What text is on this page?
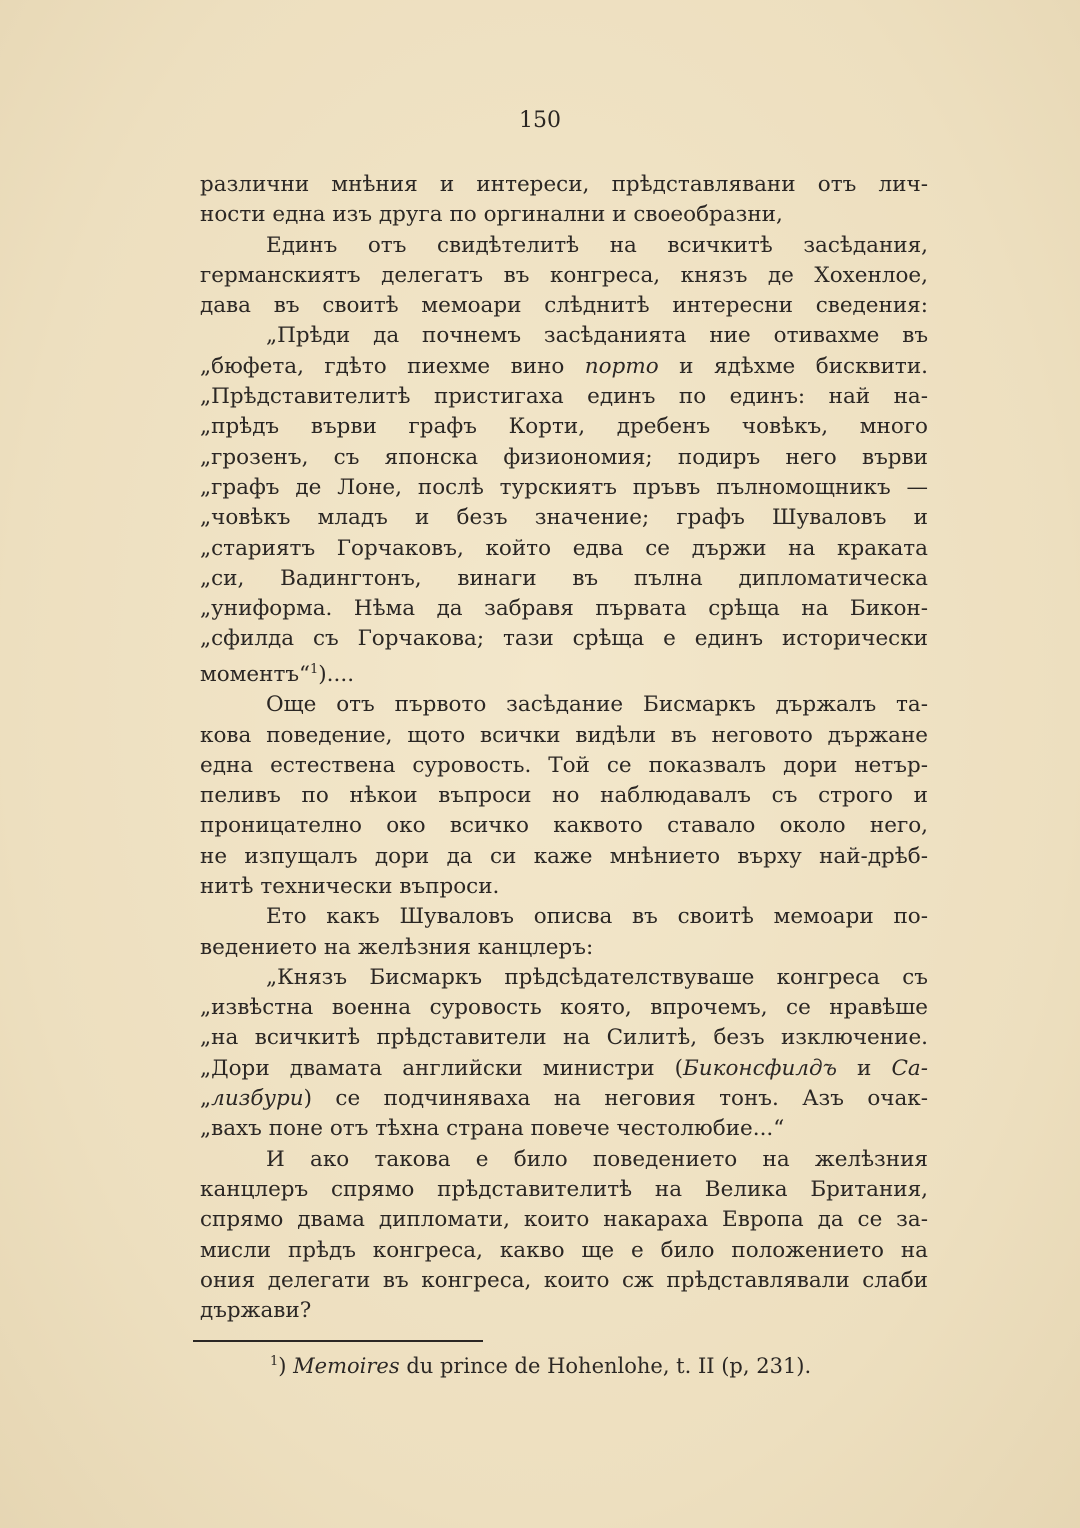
150
различни мнѣния и интереси, прѣдставлявани отъ лич-
ности една изъ друга по оргинални и своеобразни,
Единъ отъ свидѣтелитѣ на всичкитѣ засѣдания,
германскиятъ делегатъ въ конгреса, князъ де Хохенлое,
дава въ своитѣ мемоари слѣднитѣ интересни сведения:
„Прѣди да почнемъ засѣданията ние отивахме въ
„бюфета, гдѣто пиехме вино порто и ядѣхме бисквити.
„Прѣдставителитѣ пристигаха единъ по единъ: най на-
„прѣдъ върви графъ Корти, дребенъ човѣкъ, много
„грозенъ, съ японска физиономия; подиръ него върви
„графъ де Лоне, послѣ турскиятъ пръвъ пълномощникъ —
„човѣкъ младъ и безъ значение; графъ Шуваловъ и
„стариятъ Горчаковъ, който едва се държи на краката
„си, Вадингтонъ, винаги въ пълна дипломатическа
„униформа. Нѣма да забравя първата срѣща на Бикон-
„сфилда съ Горчакова; тази срѣща е единъ исторически
моментъ“$^1$)....
Още отъ първото засѣдание Бисмаркъ държалъ та-
кова поведение, щото всички видѣли въ неговото държане
една естествена суровость. Той се показвалъ дори нетър-
пеливъ по нѣкои въпроси но наблюдавалъ съ строго и
проницателно око всичко каквото ставало около него,
не изпущалъ дори да си каже мнѣнието върху най-дрѣб-
нитѣ технически въпроси.
Ето какъ Шуваловъ описва въ своитѣ мемоари по-
ведението на желѣзния канцлеръ:
„Князъ Бисмаркъ прѣдсѣдателствуваше конгреса съ
„извѣстна военна суровость която, впрочемъ, се нравѣше
„на всичкитѣ прѣдставители на Силитѣ, безъ изключение.
„Дори двамата английски министри (Биконсфилдъ и Са-
„лизбури) се подчиняваха на неговия тонъ. Азъ очак-
„вахъ поне отъ тѣхна страна повече честолюбие...“
И ако такова е било поведението на желѣзния
канцлеръ спрямо прѣдставителитѣ на Велика Британия,
спрямо двама дипломати, които накараха Европа да се за-
мисли прѣдъ конгреса, какво ще е било положението на
ония делегати въ конгреса, които сж прѣдставлявали слаби
държави?
$^1$) Memoires du prince de Hohenlohe, t. II (p, 231).
